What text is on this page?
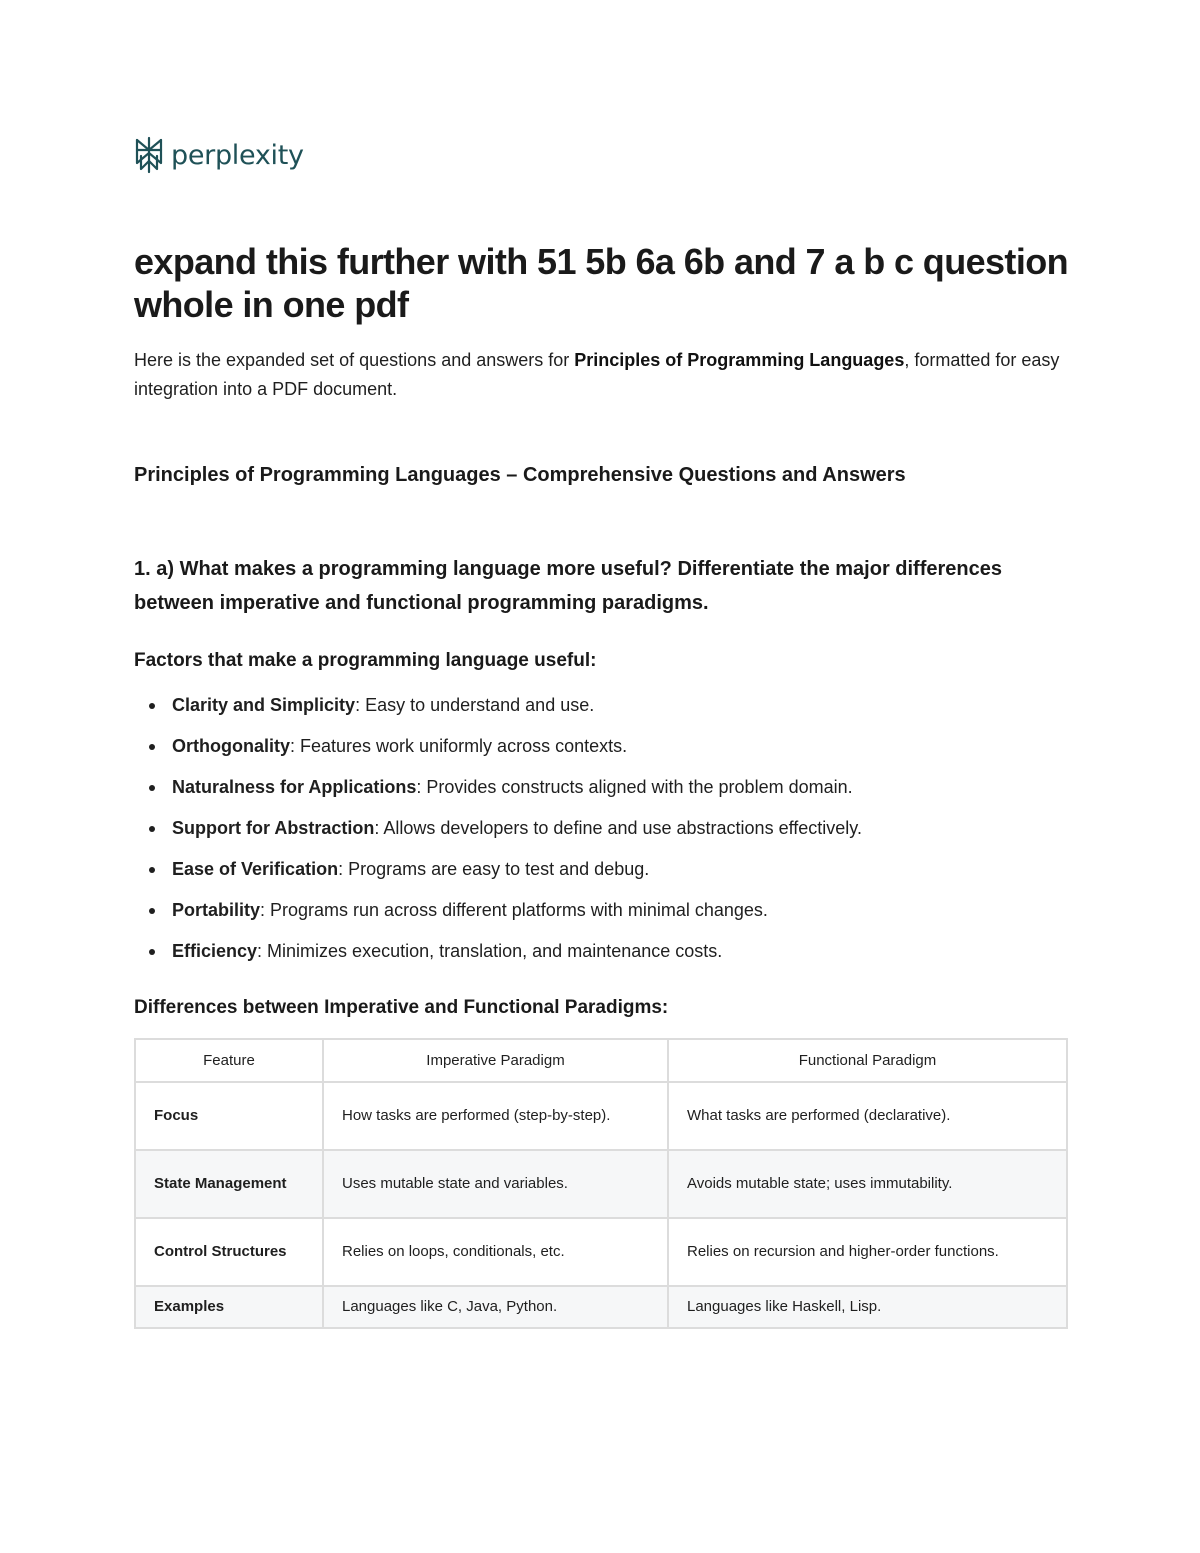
perplexity
expand this further with 51 5b 6a 6b and 7 a b c question whole in one pdf
Here is the expanded set of questions and answers for Principles of Programming Languages, formatted for easy integration into a PDF document.
Principles of Programming Languages – Comprehensive Questions and Answers
1. a) What makes a programming language more useful? Differentiate the major differences between imperative and functional programming paradigms.
Factors that make a programming language useful:
Clarity and Simplicity: Easy to understand and use.
Orthogonality: Features work uniformly across contexts.
Naturalness for Applications: Provides constructs aligned with the problem domain.
Support for Abstraction: Allows developers to define and use abstractions effectively.
Ease of Verification: Programs are easy to test and debug.
Portability: Programs run across different platforms with minimal changes.
Efficiency: Minimizes execution, translation, and maintenance costs.
Differences between Imperative and Functional Paradigms:
Feature	Imperative Paradigm	Functional Paradigm
Focus	How tasks are performed (step-by-step).	What tasks are performed (declarative).
State Management	Uses mutable state and variables.	Avoids mutable state; uses immutability.
Control Structures	Relies on loops, conditionals, etc.	Relies on recursion and higher-order functions.
Examples	Languages like C, Java, Python.	Languages like Haskell, Lisp.
